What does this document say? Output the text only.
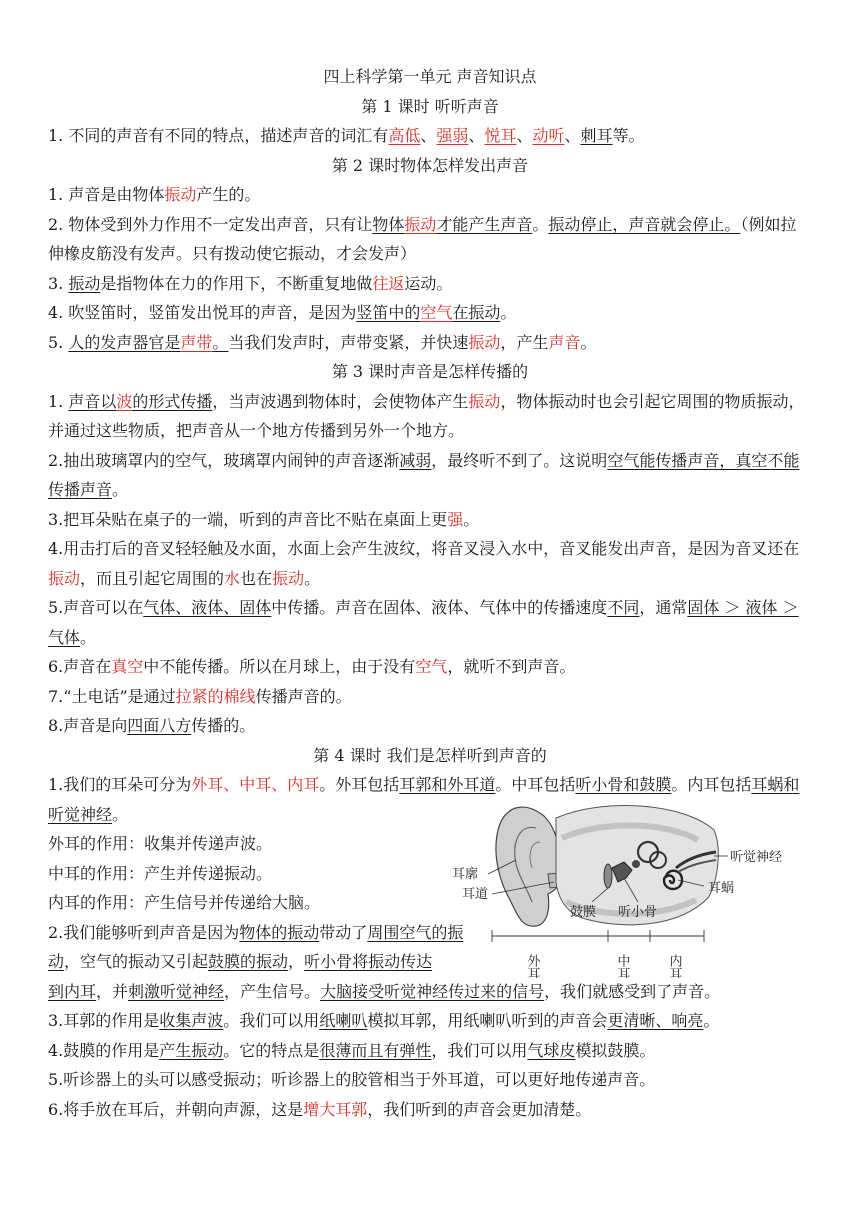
四上科学第一单元 声音知识点
第 1 课时 听听声音
1. 不同的声音有不同的特点，描述声音的词汇有高低、强弱、悦耳、动听、刺耳等。
第 2 课时物体怎样发出声音
1. 声音是由物体振动产生的。
2. 物体受到外力作用不一定发出声音，只有让物体振动才能产生声音。振动停止，声音就会停止。（例如拉伸橡皮筋没有发声。只有拨动使它振动，才会发声）
3. 振动是指物体在力的作用下，不断重复地做往返运动。
4. 吹竖笛时，竖笛发出悦耳的声音，是因为竖笛中的空气在振动。
5. 人的发声器官是声带。当我们发声时，声带变紧，并快速振动，产生声音。
第 3 课时声音是怎样传播的
1. 声音以波的形式传播，当声波遇到物体时，会使物体产生振动，物体振动时也会引起它周围的物质振动，并通过这些物质，把声音从一个地方传播到另外一个地方。
2.抽出玻璃罩内的空气，玻璃罩内闹钟的声音逐渐减弱，最终听不到了。这说明空气能传播声音，真空不能传播声音。
3.把耳朵贴在桌子的一端，听到的声音比不贴在桌面上更强。
4.用击打后的音叉轻轻触及水面，水面上会产生波纹，将音叉浸入水中，音叉能发出声音，是因为音叉还在振动，而且引起它周围的水也在振动。
5.声音可以在气体、液体、固体中传播。声音在固体、液体、气体中的传播速度不同，通常固体 ＞ 液体 ＞气体。
6.声音在真空中不能传播。所以在月球上，由于没有空气，就听不到声音。
7.“土电话”是通过拉紧的棉线传播声音的。
8.声音是向四面八方传播的。
第 4 课时 我们是怎样听到声音的
1.我们的耳朵可分为外耳、中耳、内耳。外耳包括耳郭和外耳道。中耳包括听小骨和鼓膜。内耳包括耳蜗和听觉神经。
外耳的作用：收集并传递声波。
中耳的作用：产生并传递振动。
内耳的作用：产生信号并传递给大脑。
2.我们能够听到声音是因为物体的振动带动了周围空气的振动，空气的振动又引起鼓膜的振动，听小骨将振动传达
到内耳，并刺激听觉神经，产生信号。大脑接受听觉神经传过来的信号，我们就感受到了声音。
3.耳郭的作用是收集声波。我们可以用纸喇叭模拟耳郭，用纸喇叭听到的声音会更清晰、响亮。
4.鼓膜的作用是产生振动。它的特点是很薄而且有弹性，我们可以用气球皮模拟鼓膜。
5.听诊器上的头可以感受振动；听诊器上的胶管相当于外耳道，可以更好地传递声音。
6.将手放在耳后，并朝向声源，这是增大耳郭，我们听到的声音会更加清楚。
耳廓
耳道
听觉神经
耳蜗
鼓膜 听小骨
外耳	中耳	内耳
